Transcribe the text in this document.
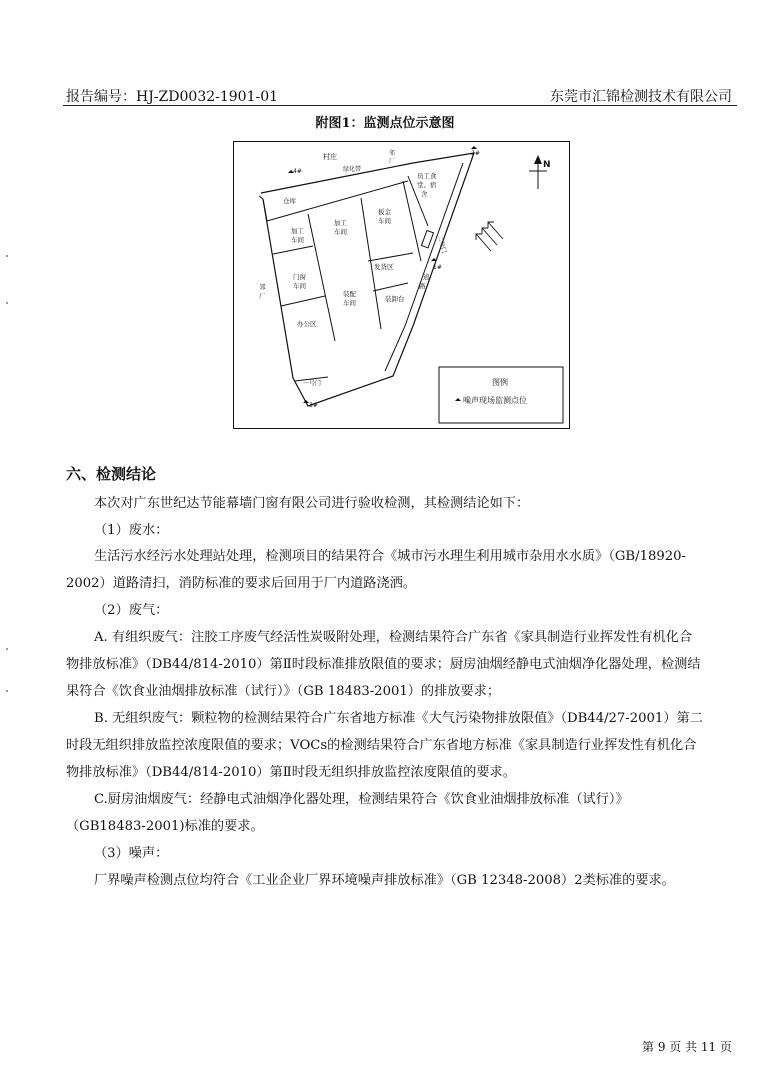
报告编号：HJ-ZD0032-1901-01	东莞市汇锦检测技术有限公司
附图1：监测点位示意图
村庄
绿化带
邻
厂
仓库
加工
车间
加工
车间
板金
车间
员工食
堂、宿
舍
门窗
车间
邻
厂
发货区
装配
车间	装卸台
办公区
一号门
二号门
道
路
1#
2#
3#
4#
N
图例
噪声现场监测点位
六、检测结论
本次对广东世纪达节能幕墙门窗有限公司进行验收检测，其检测结论如下：
（1）废水：
生活污水经污水处理站处理，检测项目的结果符合《城市污水理生利用城市杂用水水质》（GB/18920-
2002）道路清扫，消防标准的要求后回用于厂内道路浇洒。
（2）废气：
A. 有组织废气：注胶工序废气经活性炭吸附处理，检测结果符合广东省《家具制造行业挥发性有机化合
物排放标准》（DB44/814-2010）第Ⅱ时段标准排放限值的要求；厨房油烟经静电式油烟净化器处理，检测结
果符合《饮食业油烟排放标准（试行）》（GB 18483-2001）的排放要求；
B. 无组织废气：颗粒物的检测结果符合广东省地方标准《大气污染物排放限值》（DB44/27-2001）第二
时段无组织排放监控浓度限值的要求；VOCs的检测结果符合广东省地方标准《家具制造行业挥发性有机化合
物排放标准》（DB44/814-2010）第Ⅱ时段无组织排放监控浓度限值的要求。
C.厨房油烟废气：经静电式油烟净化器处理，检测结果符合《饮食业油烟排放标准（试行）》
（GB18483-2001)标准的要求。
（3）噪声：
厂界噪声检测点位均符合《工业企业厂界环境噪声排放标准》（GB 12348-2008）2类标准的要求。
第 9 页 共 11 页
